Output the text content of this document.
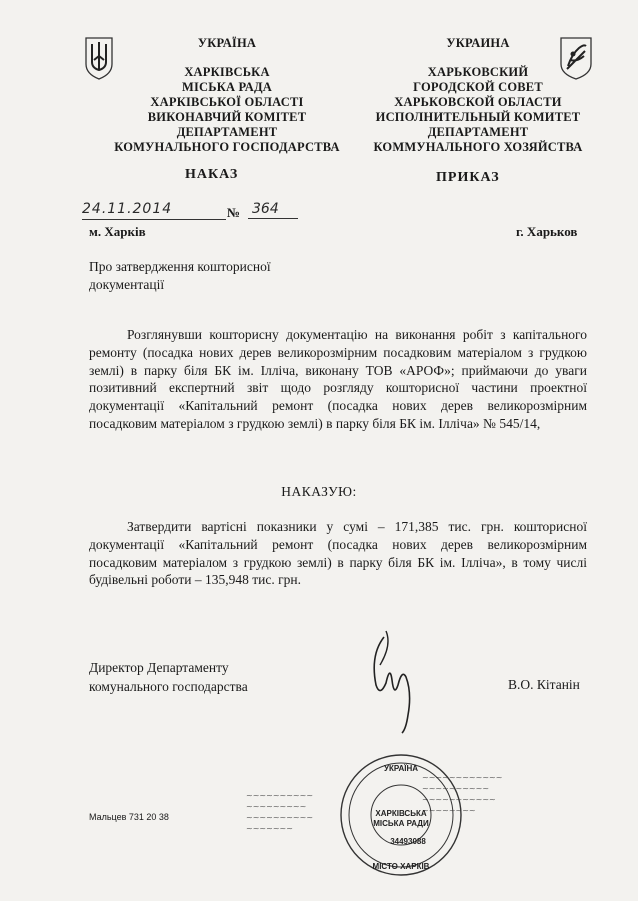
УКРАЇНА
ХАРКІВСЬКА
МІСЬКА РАДА
ХАРКІВСЬКОЇ ОБЛАСТІ
ВИКОНАВЧИЙ КОМІТЕТ
ДЕПАРТАМЕНТ
КОМУНАЛЬНОГО ГОСПОДАРСТВА
НАКАЗ
УКРАИНА
ХАРЬКОВСКИЙ
ГОРОДСКОЙ СОВЕТ
ХАРЬКОВСКОЙ ОБЛАСТИ
ИСПОЛНИТЕЛЬНЫЙ КОМИТЕТ
ДЕПАРТАМЕНТ
КОММУНАЛЬНОГО ХОЗЯЙСТВА
ПРИКАЗ
24.11.2014	№ 364
м. Харків	г. Харьков
Про затвердження кошторисної
документації
Розглянувши кошторисну документацію на виконання робіт з капітального ремонту (посадка нових дерев великорозмірним посадковим матеріалом з грудкою землі) в парку біля БК ім. Ілліча, виконану ТОВ «АРОФ»; приймаючи до уваги позитивний експертний звіт щодо розгляду кошторисної частини проектної документації «Капітальний ремонт (посадка нових дерев великорозмірним посадковим матеріалом з грудкою землі) в парку біля БК ім. Ілліча» № 545/14,
НАКАЗУЮ:
Затвердити вартісні показники у сумі – 171,385 тис. грн. кошторисної документації «Капітальний ремонт (посадка нових дерев великорозмірним посадковим матеріалом з грудкою землі) в парку біля БК ім. Ілліча», в тому числі будівельні роботи – 135,948 тис. грн.
Директор Департаменту
комунального господарства	В.О. Кітанін
~~~~~~~~~~
~~~~~~~~~
~~~~~~~~~~
~~~~~~~
~~~~~~~~~~~~
~~~~~~~~~~
~~~~~~~~~~~
~~~~~~~~
УКРАЇНА
ХАРКІВСЬКА
МІСЬКА РАДИ
34493088
МІСТО ХАРКІВ
Мальцев 731 20 38
